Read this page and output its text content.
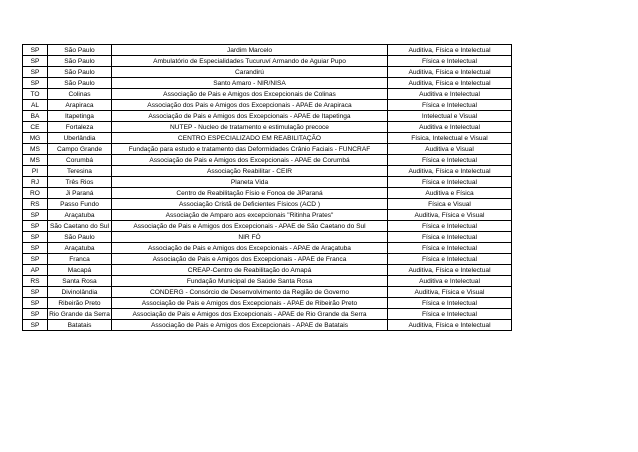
SP	São Paulo	Jardim Marcelo	Auditiva, Física e Intelectual
SP	São Paulo	Ambulatório de Especialidades Tucuruví Armando de Aguiar Pupo	Física e Intelectual
SP	São Paulo	Carandirú	Auditiva, Física e Intelectual
SP	São Paulo	Santo Amaro - NIR/NISA	Auditiva, Física e Intelectual
TO	Colinas	Associação de Pais e Amigos dos Excepcionais de Colinas	Auditiva e Intelectual
AL	Arapiraca	Associação dos Pais e Amigos dos Excepcionais - APAE de Arapiraca	Física e Intelectual
BA	Itapetinga	Associação de Pais e Amigos dos Excepcionais - APAE de Itapetinga	Intelectual e Visual
CE	Fortaleza	NUTEP - Nucleo de tratamento e estimulação precoce	Auditiva e Intelectual
MG	Uberlândia	CENTRO ESPECIALIZADO EM REABILITAÇÃO	Física, Intelectual e Visual
MS	Campo Grande	Fundação para estudo e tratamento das Deformidades Crânio Faciais - FUNCRAF	Auditiva e Visual
MS	Corumbá	Associação de Pais e Amigos dos Excepcionais - APAE de Corumbá	Física e Intelectual
PI	Teresina	Associação Reabilitar - CEIR	Auditiva, Física e Intelectual
RJ	Três Rios	Planeta Vida	Física e Intelectual
RO	Ji Paraná	Centro de Reabilitação Físio e Fonoa de JiParaná	Auditiva e Física
RS	Passo Fundo	Associação Cristã de Deficientes Físicos (ACD )	Física e Visual
SP	Araçatuba	Associação de Amparo aos excepcionais "Ritinha Prates"	Auditiva, Física e Visual
SP	São Caetano do Sul	Associação de Pais e Amigos dos Excepcionais - APAE de São Caetano do Sul	Física e Intelectual
SP	São Paulo	NIR FÓ	Física e Intelectual
SP	Araçatuba	Associação de Pais e Amigos dos Excepcionais - APAE de Araçatuba	Física e Intelectual
SP	Franca	Associação de Pais e Amigos dos Excepcionais - APAE de Franca	Física e Intelectual
AP	Macapá	CREAP-Centro de Reabilitação do Amapá	Auditiva, Física e Intelectual
RS	Santa Rosa	Fundação Municipal de Saúde Santa Rosa	Auditiva e Intelectual
SP	Divinolândia	CONDERG - Consórcio de Desenvolvimento da Região de Governo	Auditiva, Física e Visual
SP	Ribeirão Preto	Associação de Pais e Amigos dos Excepcionais - APAE de Ribeirão Preto	Física e Intelectual
SP	Rio Grande da Serra	Associação de Pais e Amigos dos Excepcionais - APAE de Rio Grande da Serra	Física e Intelectual
SP	Batatais	Associação de Pais e Amigos dos Excepcionais - APAE de Batatais	Auditiva, Física e Intelectual
